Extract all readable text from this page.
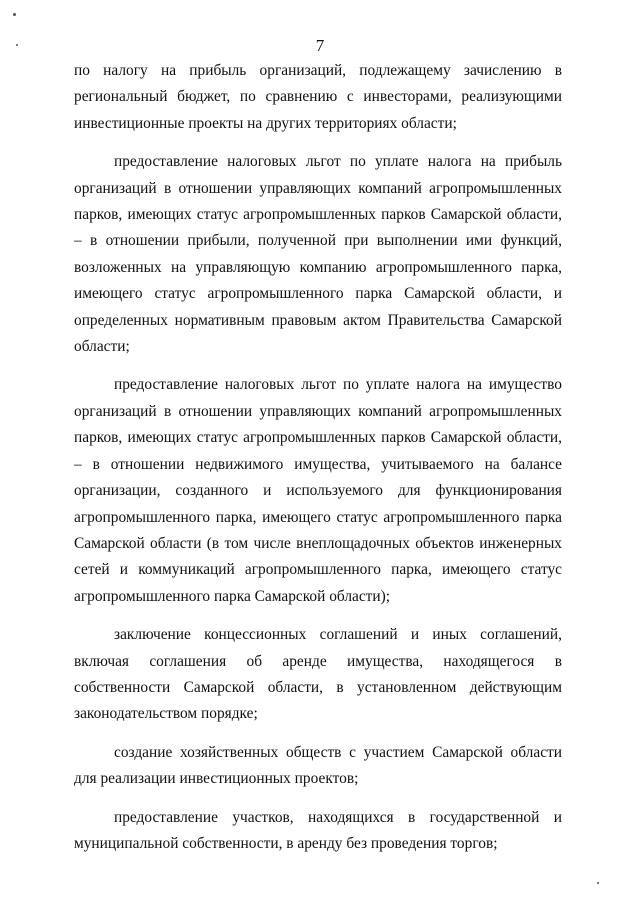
7

по налогу на прибыль организаций, подлежащему зачислению в региональный бюджет, по сравнению с инвесторами, реализующими инвестиционные проекты на других территориях области;

предоставление налоговых льгот по уплате налога на прибыль организаций в отношении управляющих компаний агропромышленных парков, имеющих статус агропромышленных парков Самарской области, – в отношении прибыли, полученной при выполнении ими функций, возложенных на управляющую компанию агропромышленного парка, имеющего статус агропромышленного парка Самарской области, и определенных нормативным правовым актом Правительства Самарской области;

предоставление налоговых льгот по уплате налога на имущество организаций в отношении управляющих компаний агропромышленных парков, имеющих статус агропромышленных парков Самарской области, – в отношении недвижимого имущества, учитываемого на балансе организации, созданного и используемого для функционирования агропромышленного парка, имеющего статус агропромышленного парка Самарской области (в том числе внеплощадочных объектов инженерных сетей и коммуникаций агропромышленного парка, имеющего статус агропромышленного парка Самарской области);

заключение концессионных соглашений и иных соглашений, включая соглашения об аренде имущества, находящегося в собственности Самарской области, в установленном действующим законодательством порядке;

создание хозяйственных обществ с участием Самарской области для реализации инвестиционных проектов;

предоставление участков, находящихся в государственной и муниципальной собственности, в аренду без проведения торгов;
